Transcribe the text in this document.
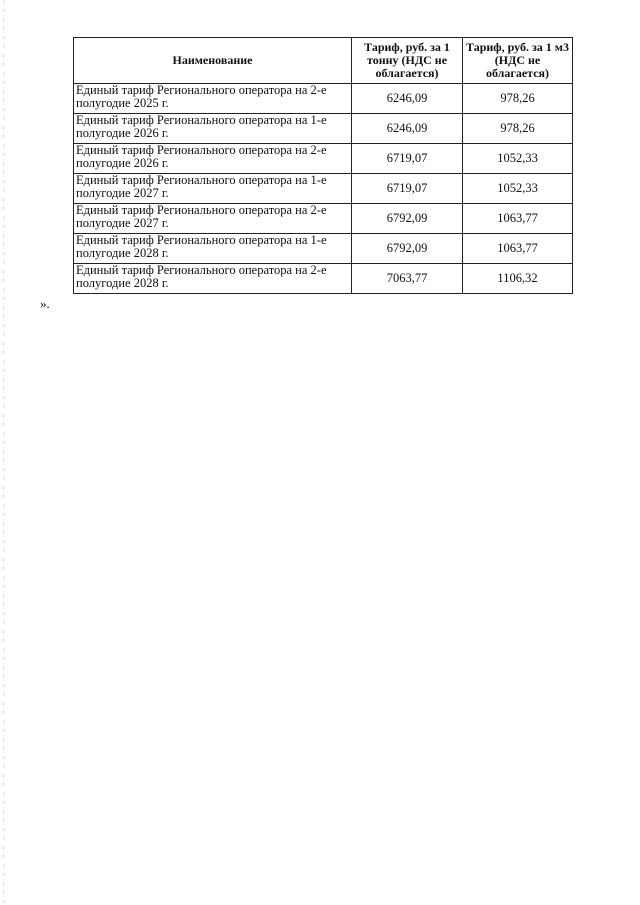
Наименование	Тариф, руб. за 1 тонну (НДС не облагается)	Тариф, руб. за 1 м3 (НДС не облагается)
Единый тариф Регионального оператора на 2-е полугодие 2025 г.	6246,09	978,26
Единый тариф Регионального оператора на 1-е полугодие 2026 г.	6246,09	978,26
Единый тариф Регионального оператора на 2-е полугодие 2026 г.	6719,07	1052,33
Единый тариф Регионального оператора на 1-е полугодие 2027 г.	6719,07	1052,33
Единый тариф Регионального оператора на 2-е полугодие 2027 г.	6792,09	1063,77
Единый тариф Регионального оператора на 1-е полугодие 2028 г.	6792,09	1063,77
Единый тариф Регионального оператора на 2-е полугодие 2028 г.	7063,77	1106,32
».
